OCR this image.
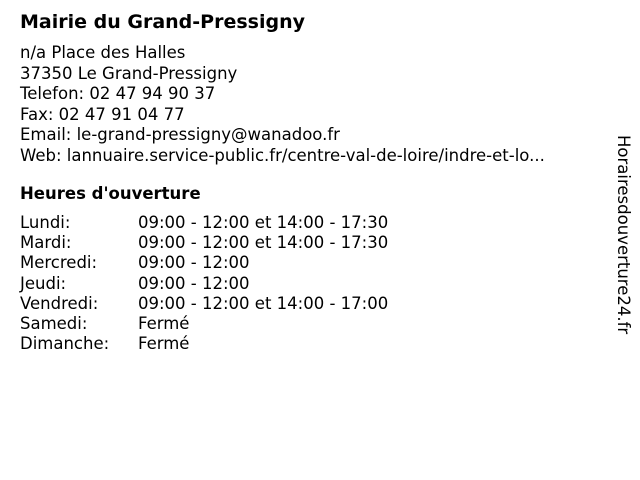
Mairie du Grand-Pressigny
n/a Place des Halles
37350 Le Grand-Pressigny
Telefon: 02 47 94 90 37
Fax: 02 47 91 04 77
Email: le-grand-pressigny@wanadoo.fr
Web: lannuaire.service-public.fr/centre-val-de-loire/indre-et-lo...
Heures d'ouverture
Lundi:	09:00 - 12:00 et 14:00 - 17:30
Mardi:	09:00 - 12:00 et 14:00 - 17:30
Mercredi: 09:00 - 12:00
Jeudi:	09:00 - 12:00
Vendredi: 09:00 - 12:00 et 14:00 - 17:00
Samedi:	Fermé
Dimanche: Fermé
Horairesdouverture24.fr
